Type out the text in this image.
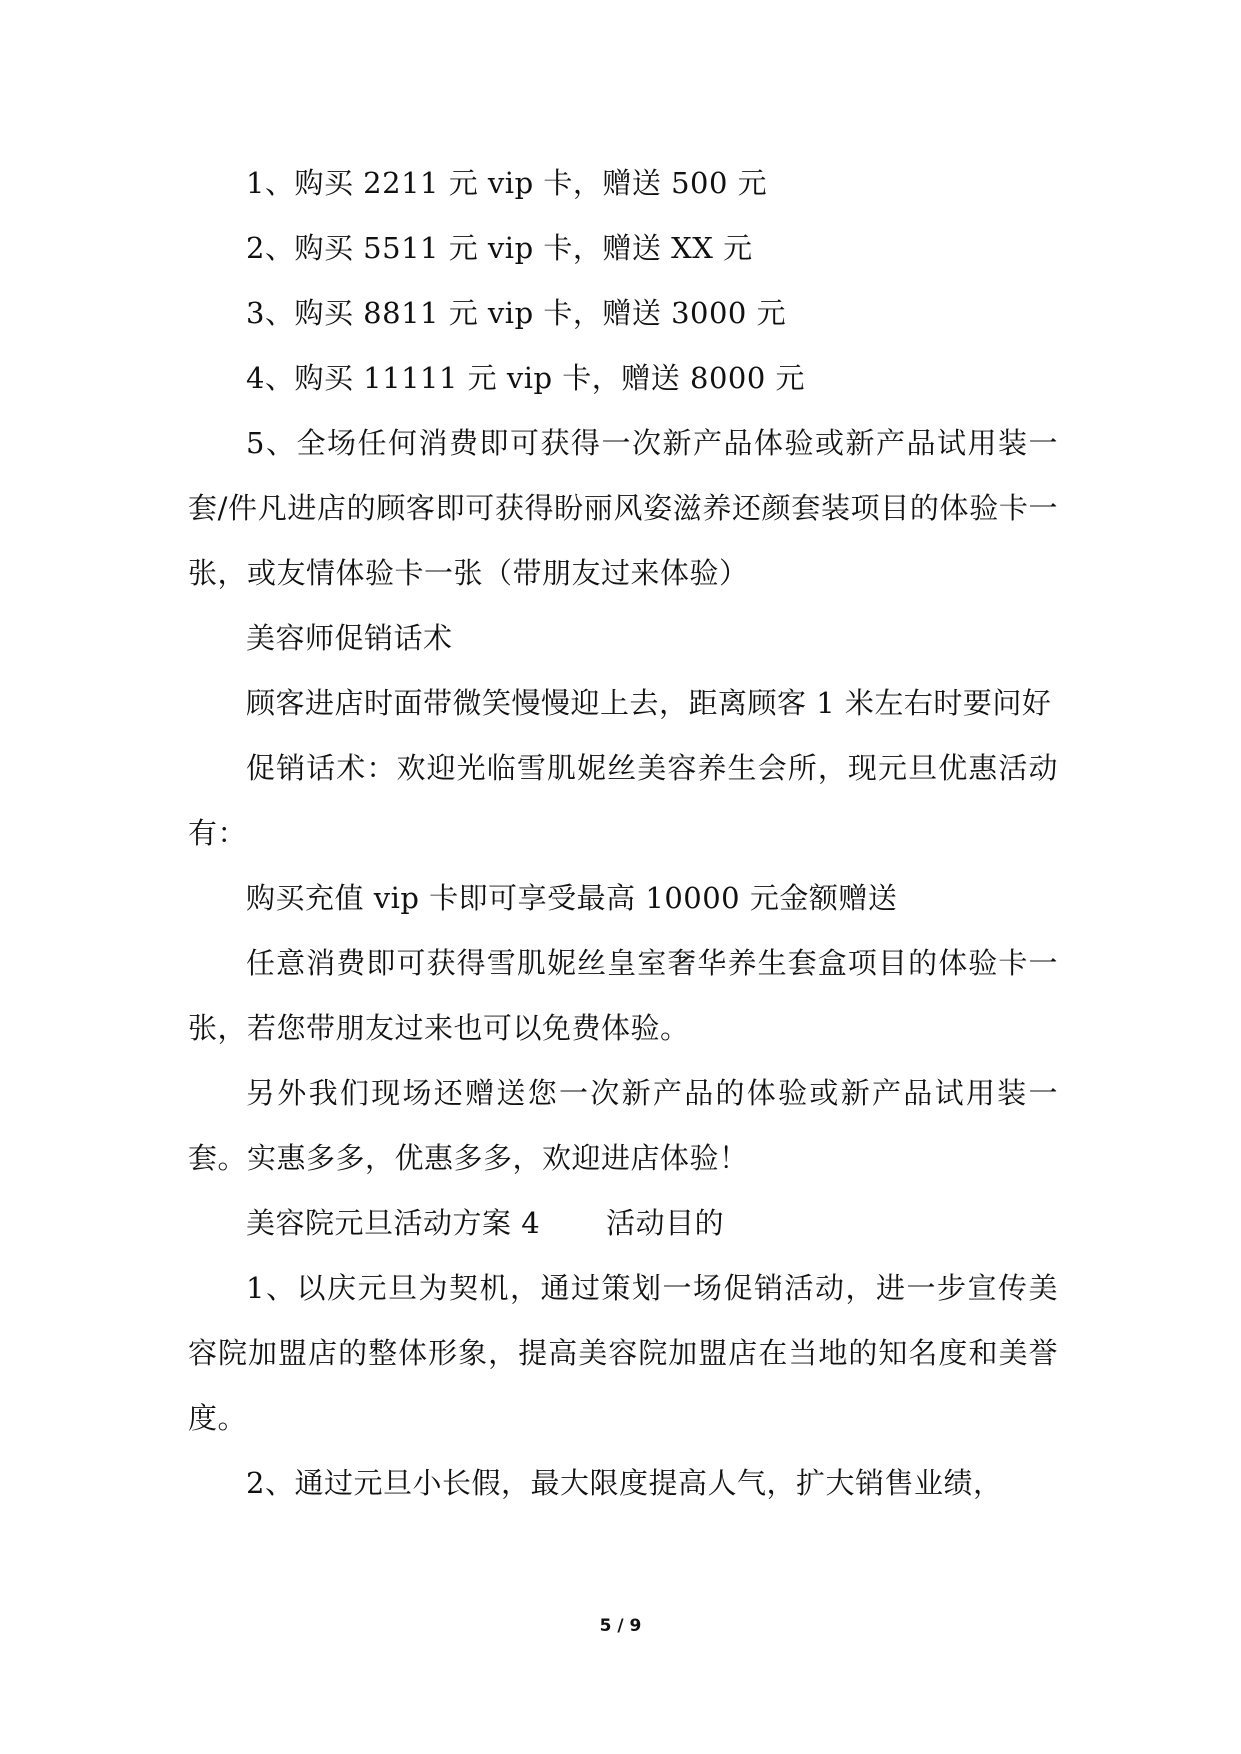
1、购买 2211 元 vip 卡，赠送 500 元

2、购买 5511 元 vip 卡，赠送 XX 元

3、购买 8811 元 vip 卡，赠送 3000 元

4、购买 11111 元 vip 卡，赠送 8000 元

5、全场任何消费即可获得一次新产品体验或新产品试用装一套/件凡进店的顾客即可获得盼丽风姿滋养还颜套装项目的体验卡一张，或友情体验卡一张（带朋友过来体验）

美容师促销话术

顾客进店时面带微笑慢慢迎上去，距离顾客 1 米左右时要问好

促销话术：欢迎光临雪肌妮丝美容养生会所，现元旦优惠活动有：

购买充值 vip 卡即可享受最高 10000 元金额赠送

任意消费即可获得雪肌妮丝皇室奢华养生套盒项目的体验卡一张，若您带朋友过来也可以免费体验。

另外我们现场还赠送您一次新产品的体验或新产品试用装一套。实惠多多，优惠多多，欢迎进店体验！

美容院元旦活动方案 4 活动目的

1、以庆元旦为契机，通过策划一场促销活动，进一步宣传美容院加盟店的整体形象，提高美容院加盟店在当地的知名度和美誉度。

2、通过元旦小长假，最大限度提高人气，扩大销售业绩，

5 / 9
